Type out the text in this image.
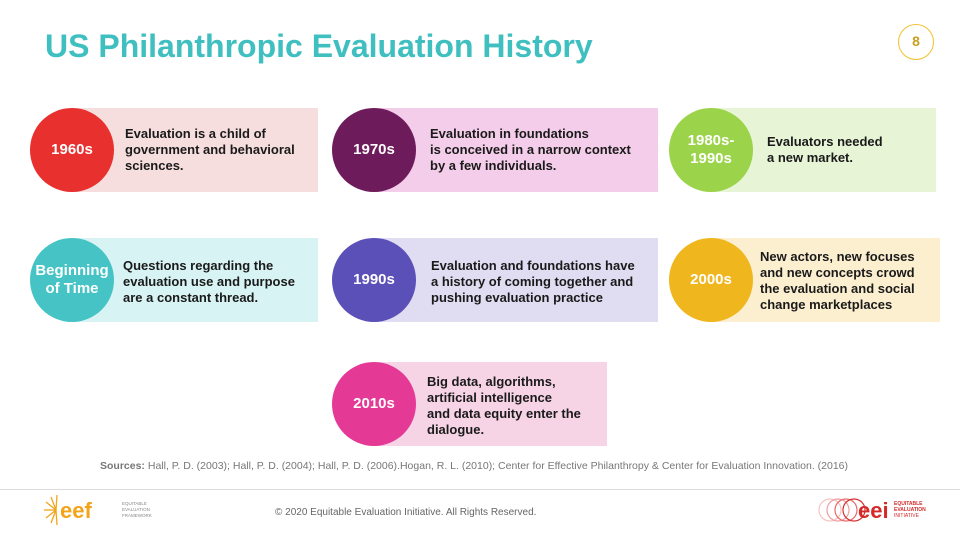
US Philanthropic Evaluation History	8
1960s
Evaluation is a child of
government and behavioral
sciences.
1970s
Evaluation in foundations
is conceived in a narrow context
by a few individuals.
1980s-
1990s
Evaluators needed
a new market.
Beginning
of Time
Questions regarding the
evaluation use and purpose
are a constant thread.
1990s
Evaluation and foundations have
a history of coming together and
pushing evaluation practice
2000s
New actors, new focuses
and new concepts crowd
the evaluation and social
change marketplaces
2010s
Big data, algorithms,
artificial intelligence
and data equity enter the
dialogue.
Sources: Hall, P. D. (2003); Hall, P. D. (2004); Hall, P. D. (2006).Hogan, R. L. (2010); Center for Effective Philanthropy & Center for Evaluation Innovation. (2016)
eef	EQUITABLE
EVALUATION
FRAMEWORK	© 2020 Equitable Evaluation Initiative. All Rights Reserved.	eei EQUITABLE
EVALUATION
INITIATIVE
